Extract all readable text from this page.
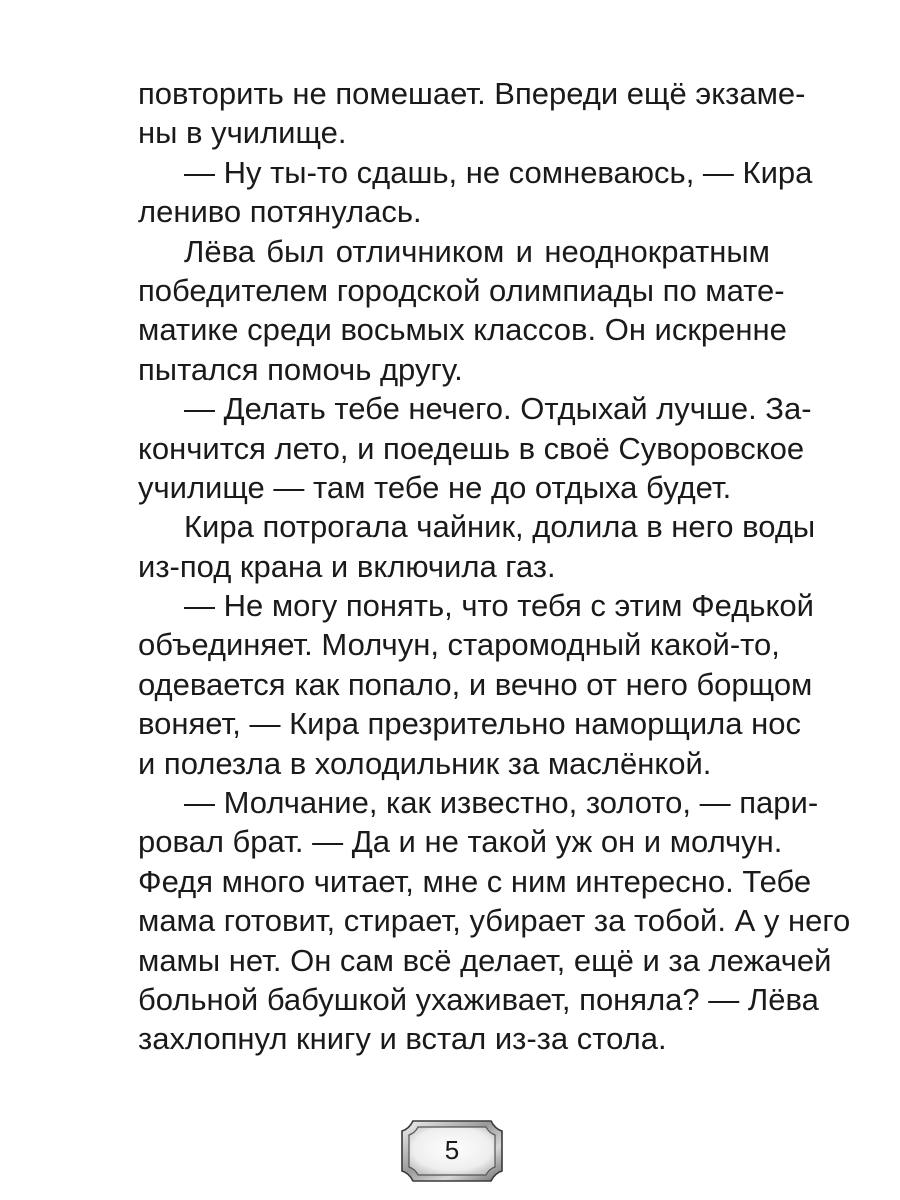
повторить не помешает. Впереди ещё экзаме-
ны в училище.
— Ну ты-то сдашь, не сомневаюсь, — Кира
лениво потянулась.
Лёва был отличником и неоднократным
победителем городской олимпиады по мате-
матике среди восьмых классов. Он искренне
пытался помочь другу.
— Делать тебе нечего. Отдыхай лучше. За-
кончится лето, и поедешь в своё Суворовское
училище — там тебе не до отдыха будет.
Кира потрогала чайник, долила в него воды
из-под крана и включила газ.
— Не могу понять, что тебя с этим Федькой
объединяет. Молчун, старомодный какой-то,
одевается как попало, и вечно от него борщом
воняет, — Кира презрительно наморщила нос
и полезла в холодильник за маслёнкой.
— Молчание, как известно, золото, — пари-
ровал брат. — Да и не такой уж он и молчун.
Федя много читает, мне с ним интересно. Тебе
мама готовит, стирает, убирает за тобой. А у него
мамы нет. Он сам всё делает, ещё и за лежачей
больной бабушкой ухаживает, поняла? — Лёва
захлопнул книгу и встал из-за стола.
5
